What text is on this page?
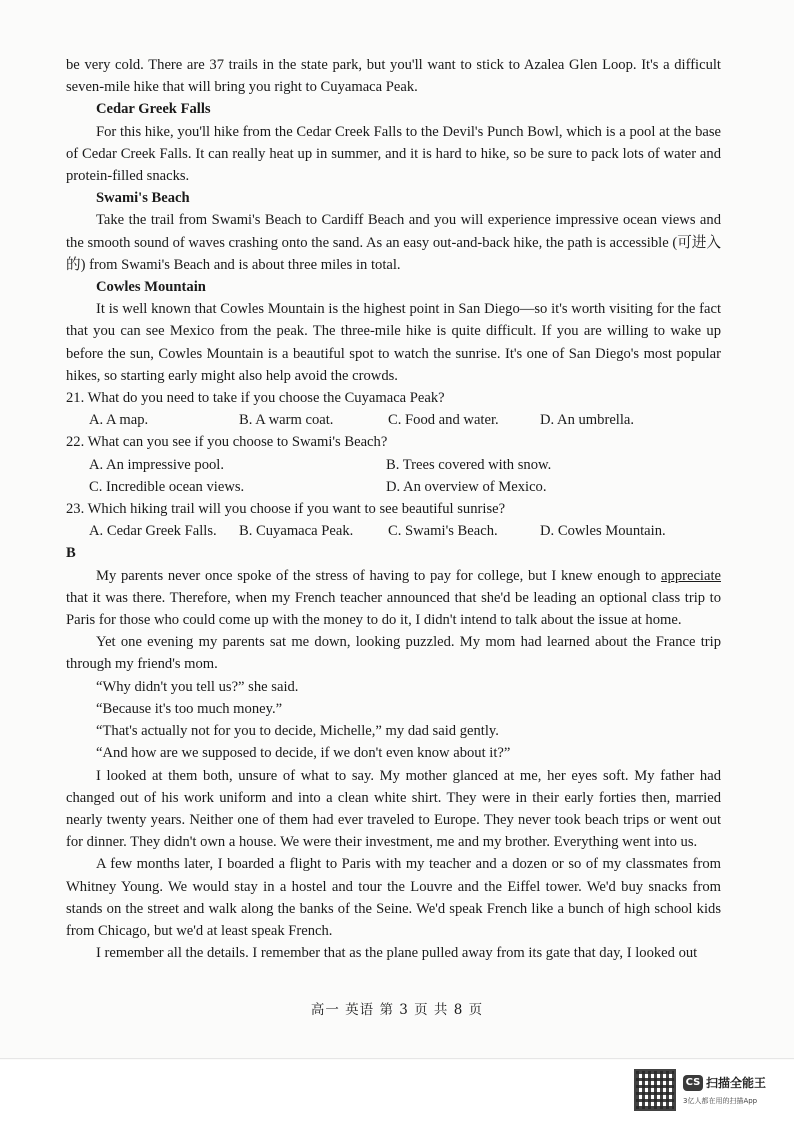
be very cold. There are 37 trails in the state park, but you'll want to stick to Azalea Glen Loop. It's a difficult seven-mile hike that will bring you right to Cuyamaca Peak.

Cedar Greek Falls

For this hike, you'll hike from the Cedar Creek Falls to the Devil's Punch Bowl, which is a pool at the base of Cedar Creek Falls. It can really heat up in summer, and it is hard to hike, so be sure to pack lots of water and protein-filled snacks.

Swami's Beach

Take the trail from Swami's Beach to Cardiff Beach and you will experience impressive ocean views and the smooth sound of waves crashing onto the sand. As an easy out-and-back hike, the path is accessible (可进入的) from Swami's Beach and is about three miles in total.

Cowles Mountain

It is well known that Cowles Mountain is the highest point in San Diego—so it's worth visiting for the fact that you can see Mexico from the peak. The three-mile hike is quite difficult. If you are willing to wake up before the sun, Cowles Mountain is a beautiful spot to watch the sunrise. It's one of San Diego's most popular hikes, so starting early might also help avoid the crowds.

21. What do you need to take if you choose the Cuyamaca Peak?

A. A map.	B. A warm coat.	C. Food and water.	D. An umbrella.

22. What can you see if you choose to Swami's Beach?

A. An impressive pool.	B. Trees covered with snow.
C. Incredible ocean views.	D. An overview of Mexico.

23. Which hiking trail will you choose if you want to see beautiful sunrise?

A. Cedar Greek Falls.	B. Cuyamaca Peak.	C. Swami's Beach.	D. Cowles Mountain.

B

My parents never once spoke of the stress of having to pay for college, but I knew enough to appreciate that it was there. Therefore, when my French teacher announced that she'd be leading an optional class trip to Paris for those who could come up with the money to do it, I didn't intend to talk about the issue at home.

Yet one evening my parents sat me down, looking puzzled. My mom had learned about the France trip through my friend's mom.

“Why didn't you tell us?” she said.

“Because it's too much money.”

“That's actually not for you to decide, Michelle,” my dad said gently.

“And how are we supposed to decide, if we don't even know about it?”

I looked at them both, unsure of what to say. My mother glanced at me, her eyes soft. My father had changed out of his work uniform and into a clean white shirt. They were in their early forties then, married nearly twenty years. Neither one of them had ever traveled to Europe. They never took beach trips or went out for dinner. They didn't own a house. We were their investment, me and my brother. Everything went into us.

A few months later, I boarded a flight to Paris with my teacher and a dozen or so of my classmates from Whitney Young. We would stay in a hostel and tour the Louvre and the Eiffel tower. We'd buy snacks from stands on the street and walk along the banks of the Seine. We'd speak French like a bunch of high school kids from Chicago, but we'd at least speak French.

I remember all the details. I remember that as the plane pulled away from its gate that day, I looked out

高一 英语 第 3 页 共 8 页
CS 扫描全能王
3亿人都在用的扫描App
